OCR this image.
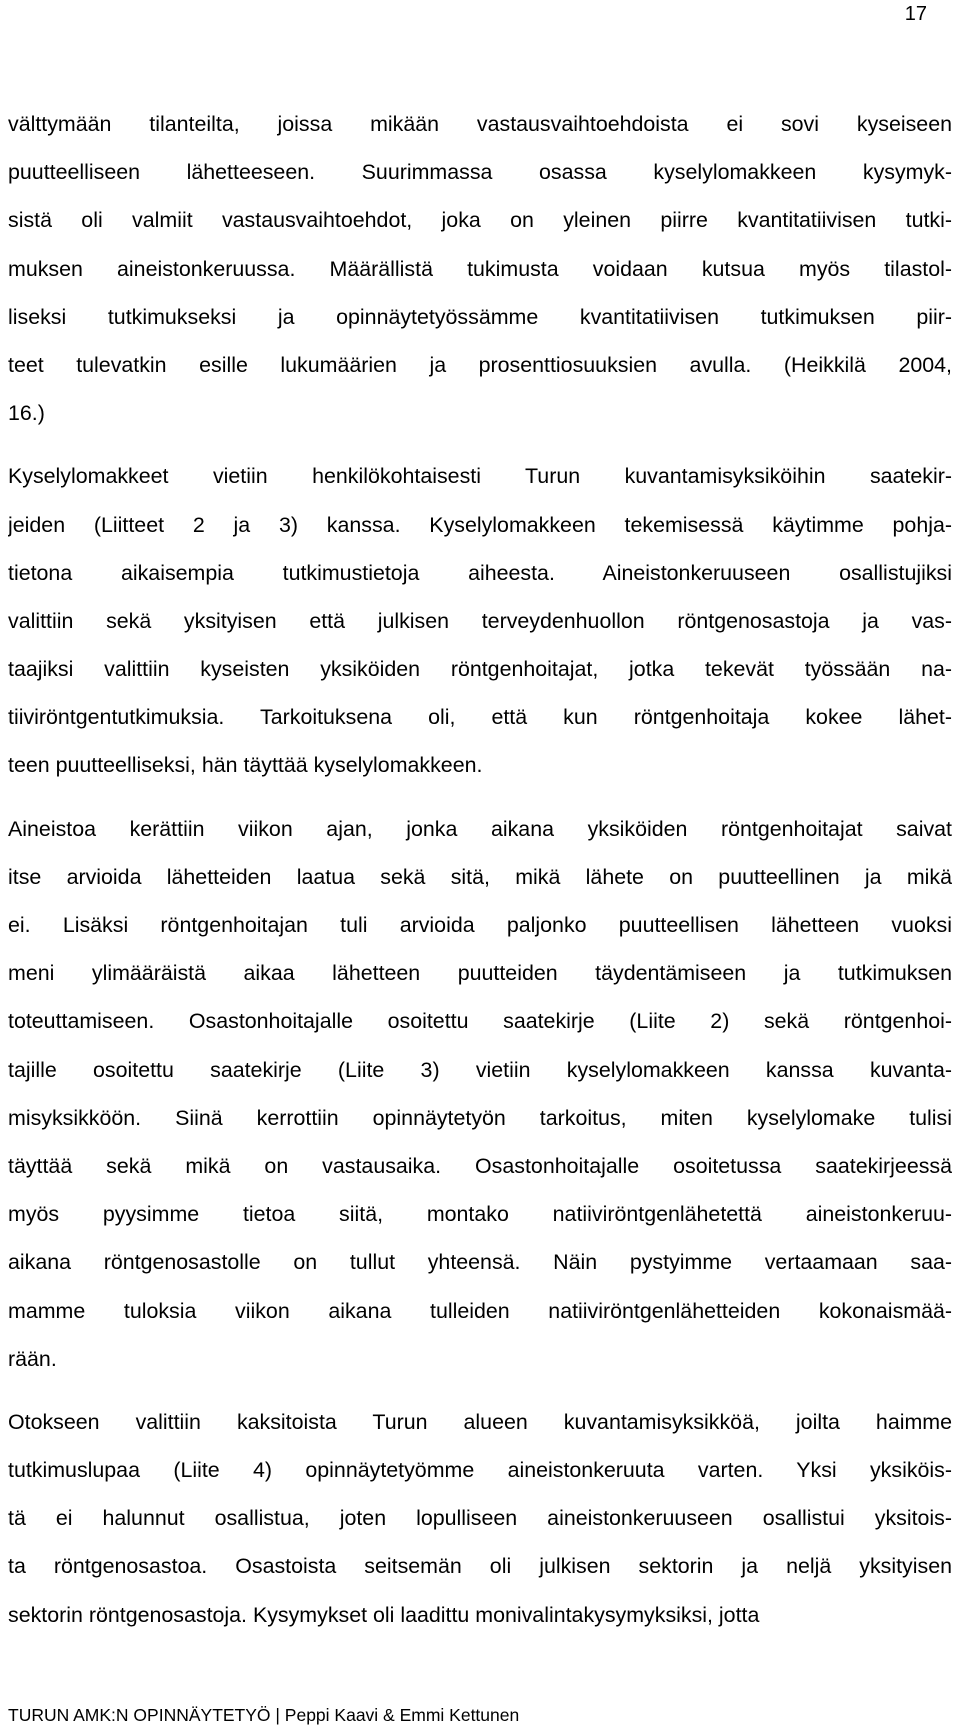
17
välttymään tilanteilta, joissa mikään vastausvaihtoehdoista ei sovi kyseiseen
puutteelliseen lähetteeseen. Suurimmassa osassa kyselylomakkeen kysymyk-
sistä oli valmiit vastausvaihtoehdot, joka on yleinen piirre kvantitatiivisen tutki-
muksen aineistonkeruussa. Määrällistä tukimusta voidaan kutsua myös tilastol-
liseksi tutkimukseksi ja opinnäytetyössämme kvantitatiivisen tutkimuksen piir-
teet tulevatkin esille lukumäärien ja prosenttiosuuksien avulla. (Heikkilä 2004,
16.)
Kyselylomakkeet vietiin henkilökohtaisesti Turun kuvantamisyksiköihin saatekir-
jeiden (Liitteet 2 ja 3) kanssa. Kyselylomakkeen tekemisessä käytimme pohja-
tietona aikaisempia tutkimustietoja aiheesta. Aineistonkeruuseen osallistujiksi
valittiin sekä yksityisen että julkisen terveydenhuollon röntgenosastoja ja vas-
taajiksi valittiin kyseisten yksiköiden röntgenhoitajat, jotka tekevät työssään na-
tiiviröntgentutkimuksia. Tarkoituksena oli, että kun röntgenhoitaja kokee lähet-
teen puutteelliseksi, hän täyttää kyselylomakkeen.
Aineistoa kerättiin viikon ajan, jonka aikana yksiköiden röntgenhoitajat saivat
itse arvioida lähetteiden laatua sekä sitä, mikä lähete on puutteellinen ja mikä
ei. Lisäksi röntgenhoitajan tuli arvioida paljonko puutteellisen lähetteen vuoksi
meni ylimääräistä aikaa lähetteen puutteiden täydentämiseen ja tutkimuksen
toteuttamiseen. Osastonhoitajalle osoitettu saatekirje (Liite 2) sekä röntgenhoi-
tajille osoitettu saatekirje (Liite 3) vietiin kyselylomakkeen kanssa kuvanta-
misyksikköön. Siinä kerrottiin opinnäytetyön tarkoitus, miten kyselylomake tulisi
täyttää sekä mikä on vastausaika. Osastonhoitajalle osoitetussa saatekirjeessä
myös pyysimme tietoa siitä, montako natiiviröntgenlähetettä aineistonkeruu-
aikana röntgenosastolle on tullut yhteensä. Näin pystyimme vertaamaan saa-
mamme tuloksia viikon aikana tulleiden natiiviröntgenlähetteiden kokonaismää-
rään.
Otokseen valittiin kaksitoista Turun alueen kuvantamisyksikköä, joilta haimme
tutkimuslupaa (Liite 4) opinnäytetyömme aineistonkeruuta varten. Yksi yksiköis-
tä ei halunnut osallistua, joten lopulliseen aineistonkeruuseen osallistui yksitois-
ta röntgenosastoa. Osastoista seitsemän oli julkisen sektorin ja neljä yksityisen
sektorin röntgenosastoja. Kysymykset oli laadittu monivalintakysymyksiksi, jotta
TURUN AMK:N OPINNÄYTETYÖ | Peppi Kaavi & Emmi Kettunen
